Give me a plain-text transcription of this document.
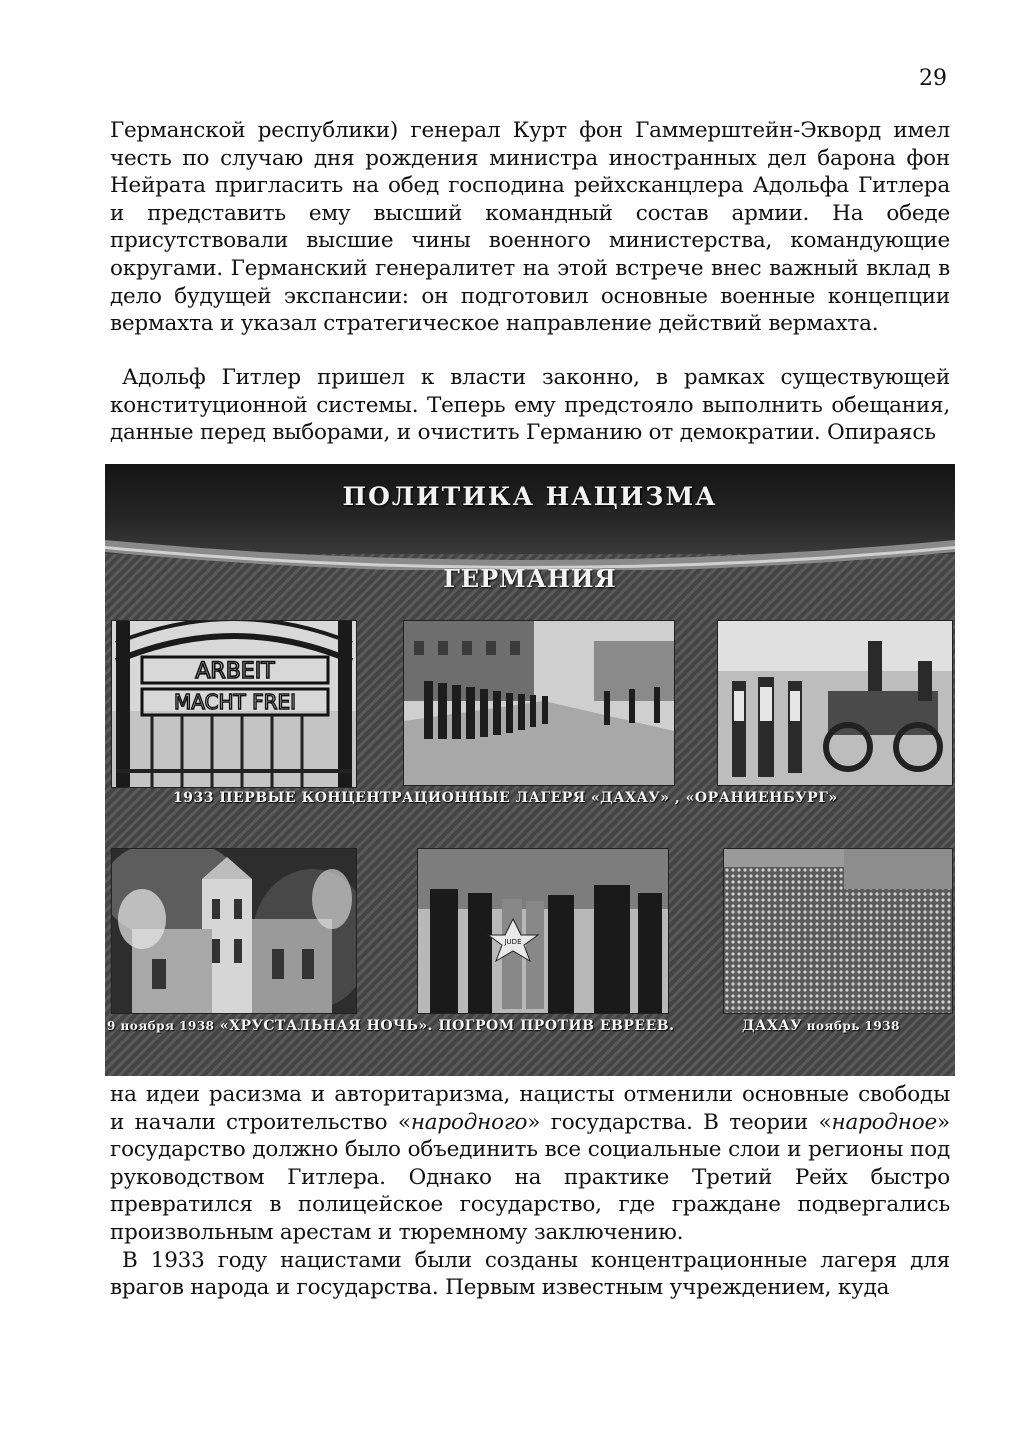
29

Германской республики) генерал Курт фон Гаммерштейн-Экворд имел честь по случаю дня рождения министра иностранных дел барона фон Нейрата пригласить на обед господина рейхсканцлера Адольфа Гитлера и представить ему высший командный состав армии. На обеде присутствовали высшие чины военного министерства, командующие округами. Германский генералитет на этой встрече внес важный вклад в дело будущей экспансии: он подготовил основные военные концепции вермахта и указал стратегическое направление действий вермахта.

Адольф Гитлер пришел к власти законно, в рамках существующей конституционной системы. Теперь ему предстояло выполнить обещания, данные перед выборами, и очистить Германию от демократии. Опираясь

ПОЛИТИКА НАЦИЗМА
ГЕРМАНИЯ
ARBEIT
MACHT FREI
1933 ПЕРВЫЕ КОНЦЕНТРАЦИОННЫЕ ЛАГЕРЯ «ДАХАУ» , «ОРАНИЕНБУРГ»
JUDE
9 ноября 1938 «ХРУСТАЛЬНАЯ НОЧЬ». ПОГРОМ ПРОТИВ ЕВРЕЕВ.	ДАХАУ ноябрь 1938

на идеи расизма и авторитаризма, нацисты отменили основные свободы и начали строительство «народного» государства. В теории «народное» государство должно было объединить все социальные слои и регионы под руководством Гитлера. Однако на практике Третий Рейх быстро превратился в полицейское государство, где граждане подвергались произвольным арестам и тюремному заключению.

В 1933 году нацистами были созданы концентрационные лагеря для врагов народа и государства. Первым известным учреждением, куда
